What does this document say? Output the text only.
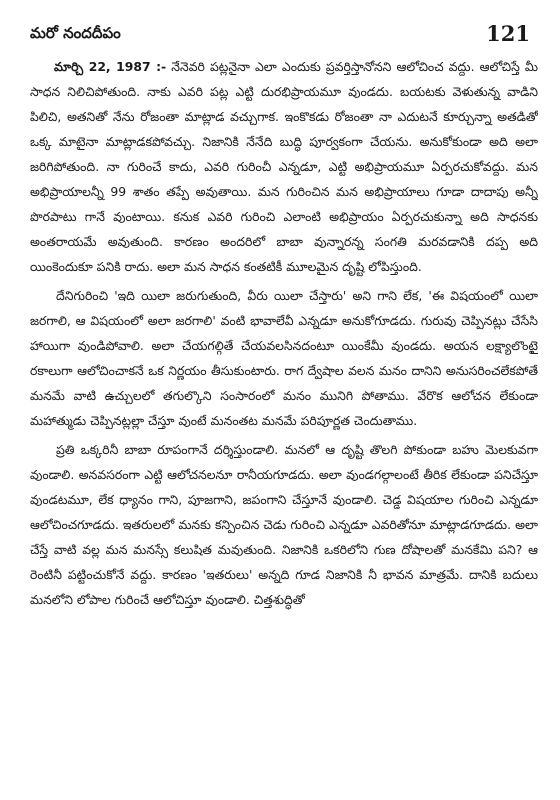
మరో నందదీపం	121

మార్చి 22, 1987 :- నేనెవరి పట్లనైనా ఎలా ఎందుకు ప్రవర్తిస్తానోనని ఆలోచించ వద్దు. ఆలోచిస్తే మీ సాధన నిలిచిపోతుంది. నాకు ఎవరి పట్ల ఎట్టి దురభిప్రాయమూ వుండదు. బయటకు వెళుతున్న వాడిని పిలిచి, అతనితో నేను రోజంతా మాట్లాడ వచ్చుగాక. ఇంకొకడు రోజంతా నా ఎదుటనే కూర్చున్నా అతడితో ఒక్క మాటైనా మాట్లాడకపోవచ్చు. నిజానికి నేనేది బుద్ధి పూర్వకంగా చేయను. అనుకోకుండా అది అలా జరిగిపోతుంది. నా గురించే కాదు, ఎవరి గురించీ ఎన్నడూ, ఎట్టి అభిప్రాయమూ ఏర్పరచుకోవద్దు. మన అభిప్రాయాలన్నీ 99 శాతం తప్పే అవుతాయి. మన గురించిన మన అభిప్రాయాలు గూడా దాదాపు అన్నీ పొరపాటు గానే వుంటాయి. కనుక ఎవరి గురించి ఎలాంటి అభిప్రాయం ఏర్పరచుకున్నా అది సాధనకు అంతరాయమే అవుతుంది. కారణం అందరిలో బాబా వున్నారన్న సంగతి మరవడానికి దప్ప అది యింకెందుకూ పనికి రాదు. అలా మన సాధన కంతటికీ మూలమైన దృష్టి లోపిస్తుంది.

దేనిగురించి 'ఇది యిలా జరుగుతుంది, వీరు యిలా చేస్తారు' అని గాని లేక, 'ఈ విషయంలో యిలా జరగాలి, ఆ విషయంలో అలా జరగాలి' వంటి భావాలేవీ ఎన్నడూ అనుకోగూడదు. గురువు చెప్పినట్లు చేసేసి హాయిగా వుండిపోవాలి. అలా చేయగల్గితే చేయవలసినదంటూ యింకేమీ వుండదు. అయన లక్ష్యాలొంటైౖ రకాలుగా ఆలోచించాకనే ఒక నిర్ణయం తీసుకుంటారు. రాగ ద్వేషాల వలన మనం దానిని అనుసరించలేకపోతే మనమే వాటి ఉచ్చులలో తగుల్కొని సంసారంలో మనం మునిగి పోతాము. వేరొక ఆలోచన లేకుండా మహాత్ముడు చెప్పినట్లల్లా చేస్తూ వుంటే మనంతట మనమే పరిపూర్ణత చెందుతాము.

ప్రతి ఒక్కరినీ బాబా రూపంగానే దర్శిస్తుండాలి. మనలో ఆ దృష్టి తొలగి పోకుండా బహు మెలకువగా వుండాలి. అనవసరంగా ఎట్టి ఆలోచనలనూ రానీయగూడదు. అలా వుండగల్గాలంటే తీరిక లేకుండా పనిచేస్తూ వుండటమూ, లేక ధ్యానం గాని, పూజగాని, జపంగాని చేస్తూనే వుండాలి. చెడ్డ విషయాల గురించి ఎన్నడూ ఆలోచించగూడదు. ఇతరులలో మనకు కన్పించిన చెడు గురించి ఎన్నడూ ఎవరితోనూ మాట్లాడగూడదు. అలా చేస్తే వాటి వల్ల మన మనస్సే కలుషిత మవుతుంది. నిజానికి ఒకరిలోని గుణ దోషాలతో మనకేమి పని? ఆ రెంటినీ పట్టించుకోనే వద్దు. కారణం 'ఇతరులు' అన్నది గూడ నిజానికి నీ భావన మాత్రమే. దానికి బదులు మనలోని లోపాల గురించే ఆలోచిస్తూ వుండాలి. చిత్తశుద్ధితో
